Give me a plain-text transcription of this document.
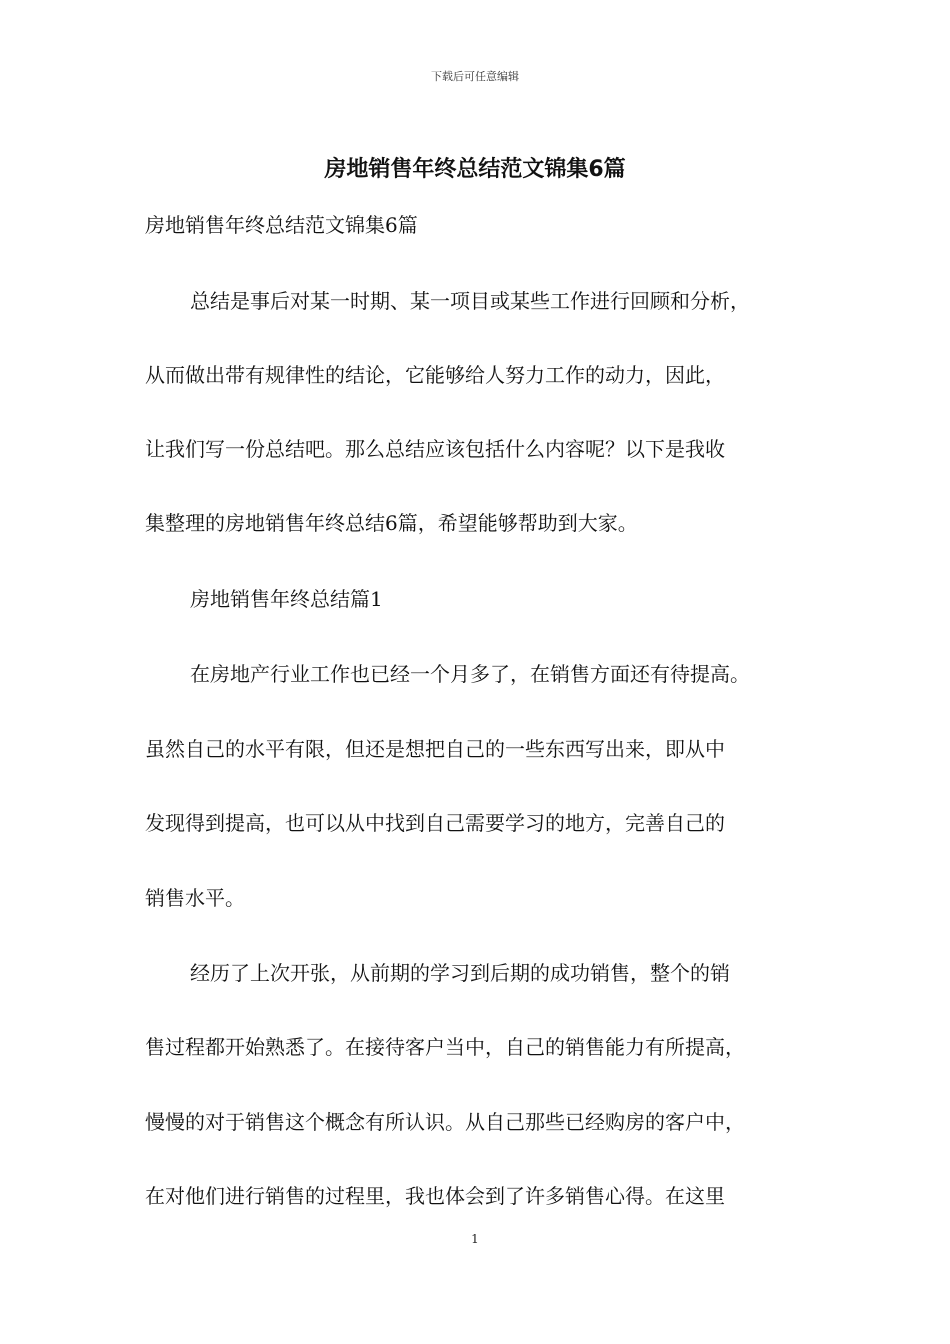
下载后可任意编辑
房地销售年终总结范文锦集6篇
房地销售年终总结范文锦集6篇
总结是事后对某一时期、某一项目或某些工作进行回顾和分析，
从而做出带有规律性的结论，它能够给人努力工作的动力，因此，
让我们写一份总结吧。那么总结应该包括什么内容呢？以下是我收
集整理的房地销售年终总结6篇，希望能够帮助到大家。
房地销售年终总结篇1
在房地产行业工作也已经一个月多了，在销售方面还有待提高。
虽然自己的水平有限，但还是想把自己的一些东西写出来，即从中
发现得到提高，也可以从中找到自己需要学习的地方，完善自己的
销售水平。
经历了上次开张，从前期的学习到后期的成功销售，整个的销
售过程都开始熟悉了。在接待客户当中，自己的销售能力有所提高，
慢慢的对于销售这个概念有所认识。从自己那些已经购房的客户中，
在对他们进行销售的过程里，我也体会到了许多销售心得。在这里
1
